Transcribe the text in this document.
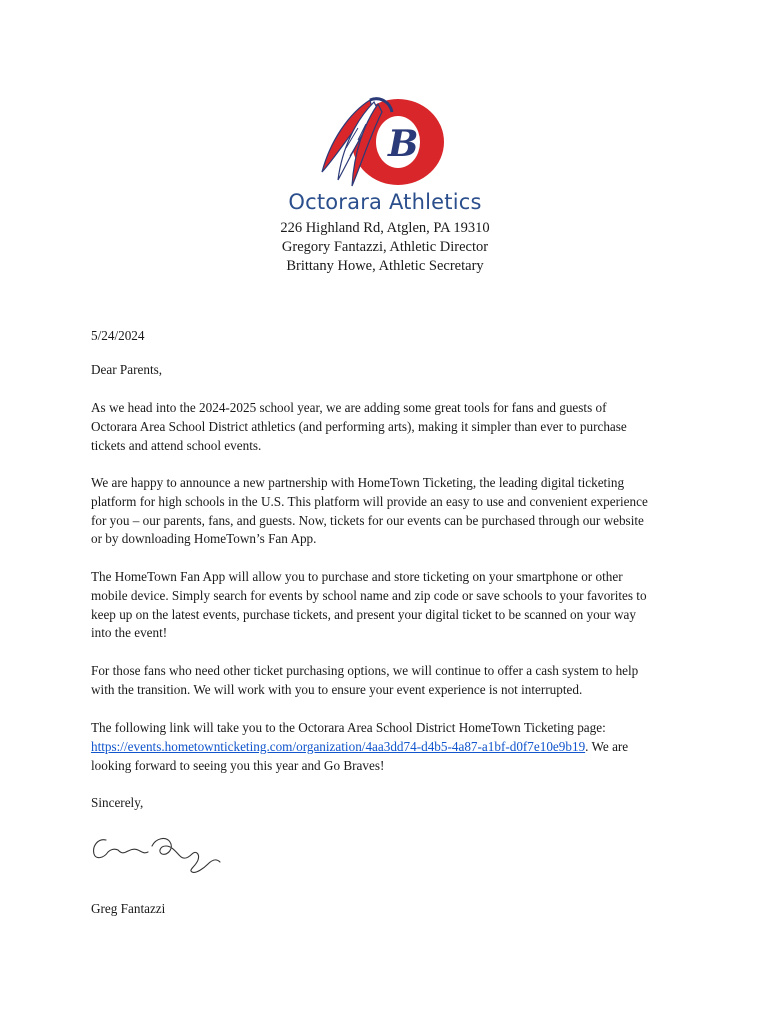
B
Octorara Athletics
226 Highland Rd, Atglen, PA 19310
Gregory Fantazzi, Athletic Director
Brittany Howe, Athletic Secretary
5/24/2024
Dear Parents,
As we head into the 2024-2025 school year, we are adding some great tools for fans and guests of
Octorara Area School District athletics (and performing arts), making it simpler than ever to purchase
tickets and attend school events.
We are happy to announce a new partnership with HomeTown Ticketing, the leading digital ticketing
platform for high schools in the U.S. This platform will provide an easy to use and convenient experience
for you – our parents, fans, and guests. Now, tickets for our events can be purchased through our website
or by downloading HomeTown’s Fan App.
The HomeTown Fan App will allow you to purchase and store ticketing on your smartphone or other
mobile device. Simply search for events by school name and zip code or save schools to your favorites to
keep up on the latest events, purchase tickets, and present your digital ticket to be scanned on your way
into the event!
For those fans who need other ticket purchasing options, we will continue to offer a cash system to help
with the transition. We will work with you to ensure your event experience is not interrupted.
The following link will take you to the Octorara Area School District HomeTown Ticketing page:
https://events.hometownticketing.com/organization/4aa3dd74-d4b5-4a87-a1bf-d0f7e10e9b19. We are
looking forward to seeing you this year and Go Braves!
Sincerely,
Greg Fantazzi
